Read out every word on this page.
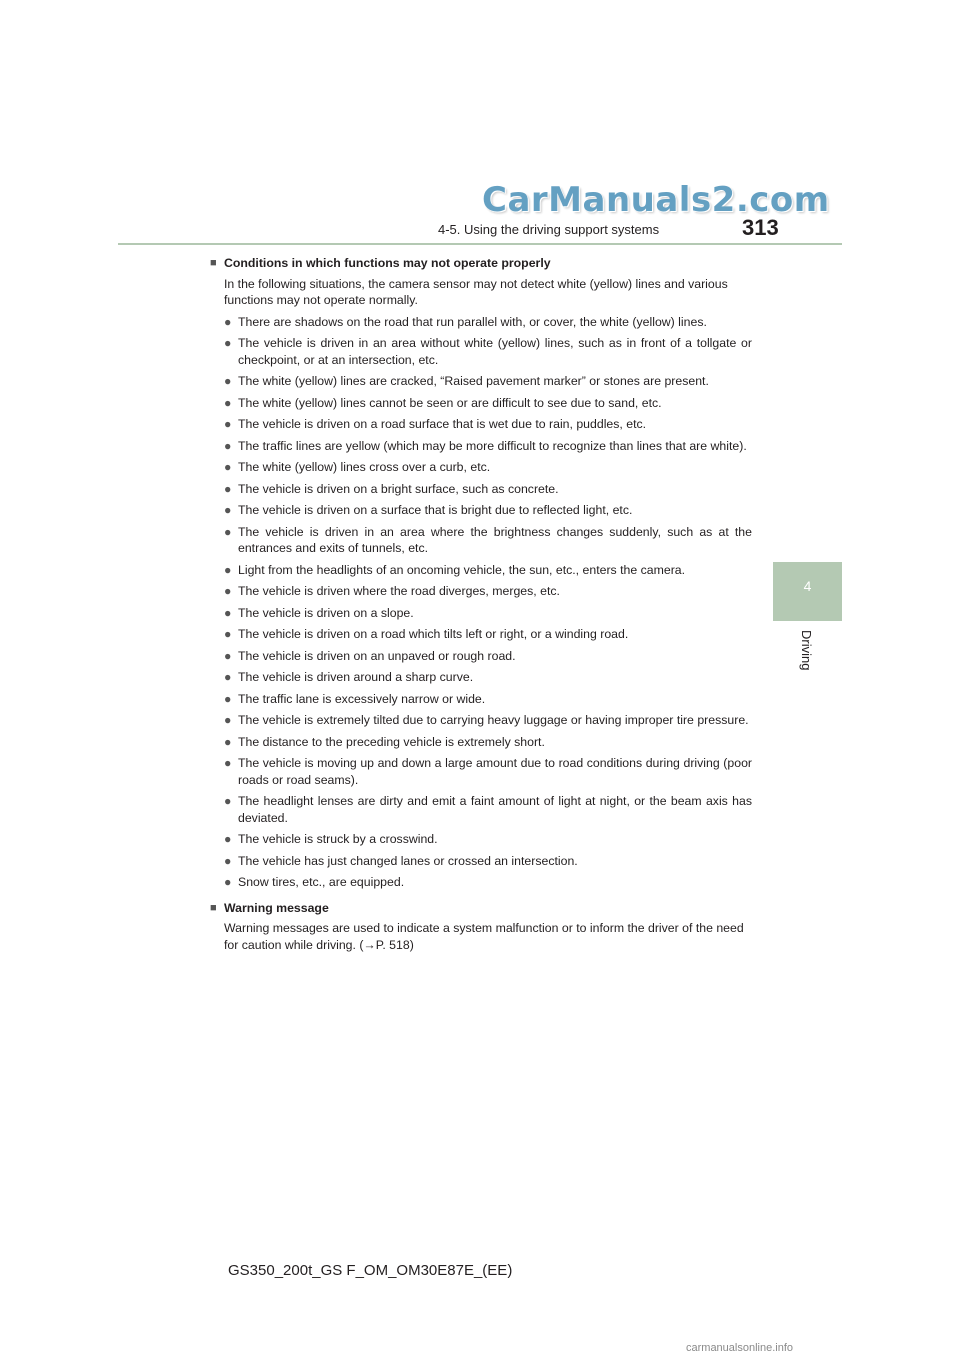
CarManuals2.com
4-5. Using the driving support systems	313
4
Driving
■ Conditions in which functions may not operate properly
In the following situations, the camera sensor may not detect white (yellow) lines and various functions may not operate normally.
● There are shadows on the road that run parallel with, or cover, the white (yellow) lines.
● The vehicle is driven in an area without white (yellow) lines, such as in front of a tollgate or checkpoint, or at an intersection, etc.
● The white (yellow) lines are cracked, “Raised pavement marker” or stones are present.
● The white (yellow) lines cannot be seen or are difficult to see due to sand, etc.
● The vehicle is driven on a road surface that is wet due to rain, puddles, etc.
● The traffic lines are yellow (which may be more difficult to recognize than lines that are white).
● The white (yellow) lines cross over a curb, etc.
● The vehicle is driven on a bright surface, such as concrete.
● The vehicle is driven on a surface that is bright due to reflected light, etc.
● The vehicle is driven in an area where the brightness changes suddenly, such as at the entrances and exits of tunnels, etc.
● Light from the headlights of an oncoming vehicle, the sun, etc., enters the camera.
● The vehicle is driven where the road diverges, merges, etc.
● The vehicle is driven on a slope.
● The vehicle is driven on a road which tilts left or right, or a winding road.
● The vehicle is driven on an unpaved or rough road.
● The vehicle is driven around a sharp curve.
● The traffic lane is excessively narrow or wide.
● The vehicle is extremely tilted due to carrying heavy luggage or having improper tire pressure.
● The distance to the preceding vehicle is extremely short.
● The vehicle is moving up and down a large amount due to road conditions during driving (poor roads or road seams).
● The headlight lenses are dirty and emit a faint amount of light at night, or the beam axis has deviated.
● The vehicle is struck by a crosswind.
● The vehicle has just changed lanes or crossed an intersection.
● Snow tires, etc., are equipped.
■ Warning message
Warning messages are used to indicate a system malfunction or to inform the driver of the need for caution while driving. (→P. 518)
GS350_200t_GS F_OM_OM30E87E_(EE)
carmanualsonline.info
